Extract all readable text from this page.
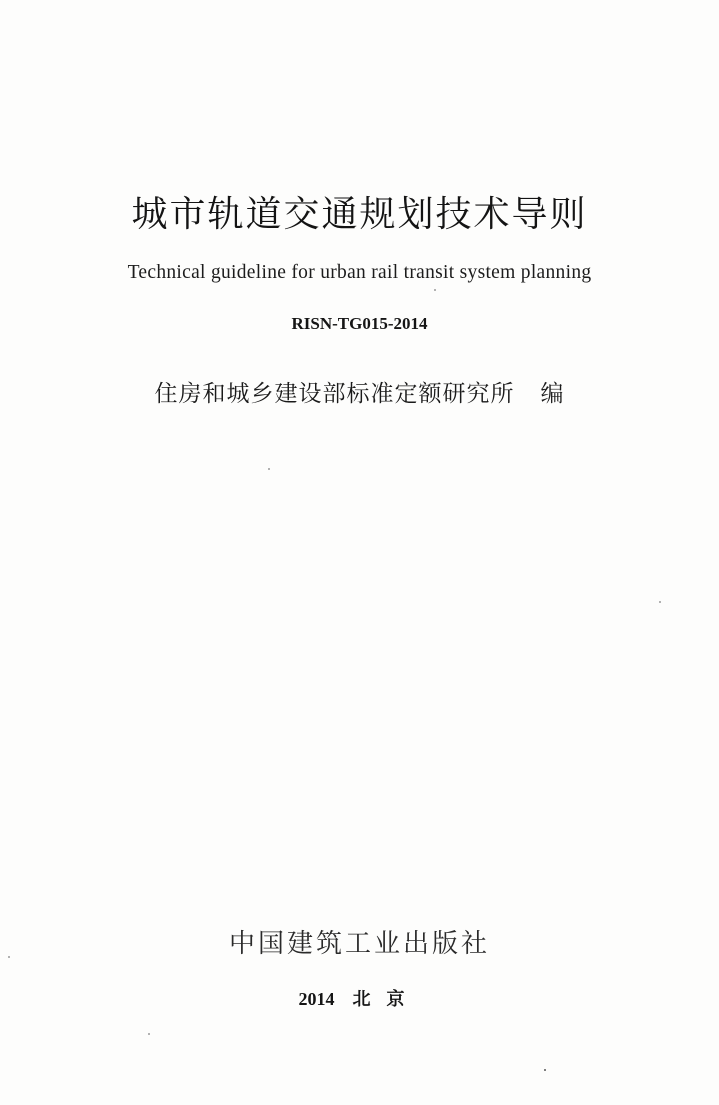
城市轨道交通规划技术导则
Technical guideline for urban rail transit system planning
RISN-TG015-2014
住房和城乡建设部标准定额研究所 编
中国建筑工业出版社
2014 北京
